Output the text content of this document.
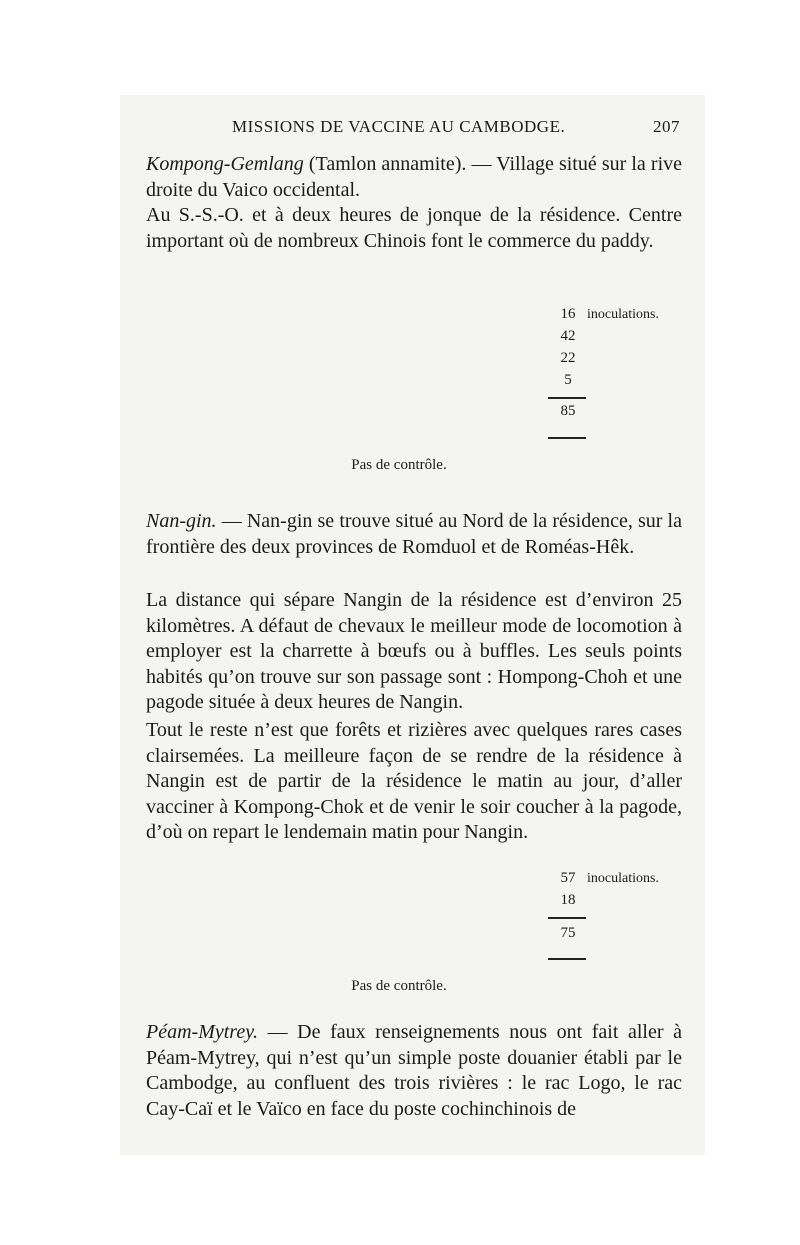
MISSIONS DE VACCINE AU CAMBODGE.	207

Kompong-Gemlang (Tamlon annamite). — Village situé sur la rive droite du Vaico occidental.

Au S.-S.-O. et à deux heures de jonque de la résidence. Centre important où de nombreux Chinois font le commerce du paddy.

16 inoculations.
42
22
5
85
Pas de contrôle.

Nan-gin. — Nan-gin se trouve situé au Nord de la résidence, sur la frontière des deux provinces de Romduol et de Roméas-Hêk.

La distance qui sépare Nangin de la résidence est d’environ 25 kilomètres. A défaut de chevaux le meilleur mode de locomotion à employer est la charrette à bœufs ou à buffles. Les seuls points habités qu’on trouve sur son passage sont : Hompong-Choh et une pagode située à deux heures de Nangin.

Tout le reste n’est que forêts et rizières avec quelques rares cases clairsemées. La meilleure façon de se rendre de la résidence à Nangin est de partir de la résidence le matin au jour, d’aller vacciner à Kompong-Chok et de venir le soir coucher à la pagode, d’où on repart le lendemain matin pour Nangin.

57 inoculations.
18
75
Pas de contrôle.

Péam-Mytrey. — De faux renseignements nous ont fait aller à Péam-Mytrey, qui n’est qu’un simple poste douanier établi par le Cambodge, au confluent des trois rivières : le rac Logo, le rac Cay-Caï et le Vaïco en face du poste cochinchinois de
